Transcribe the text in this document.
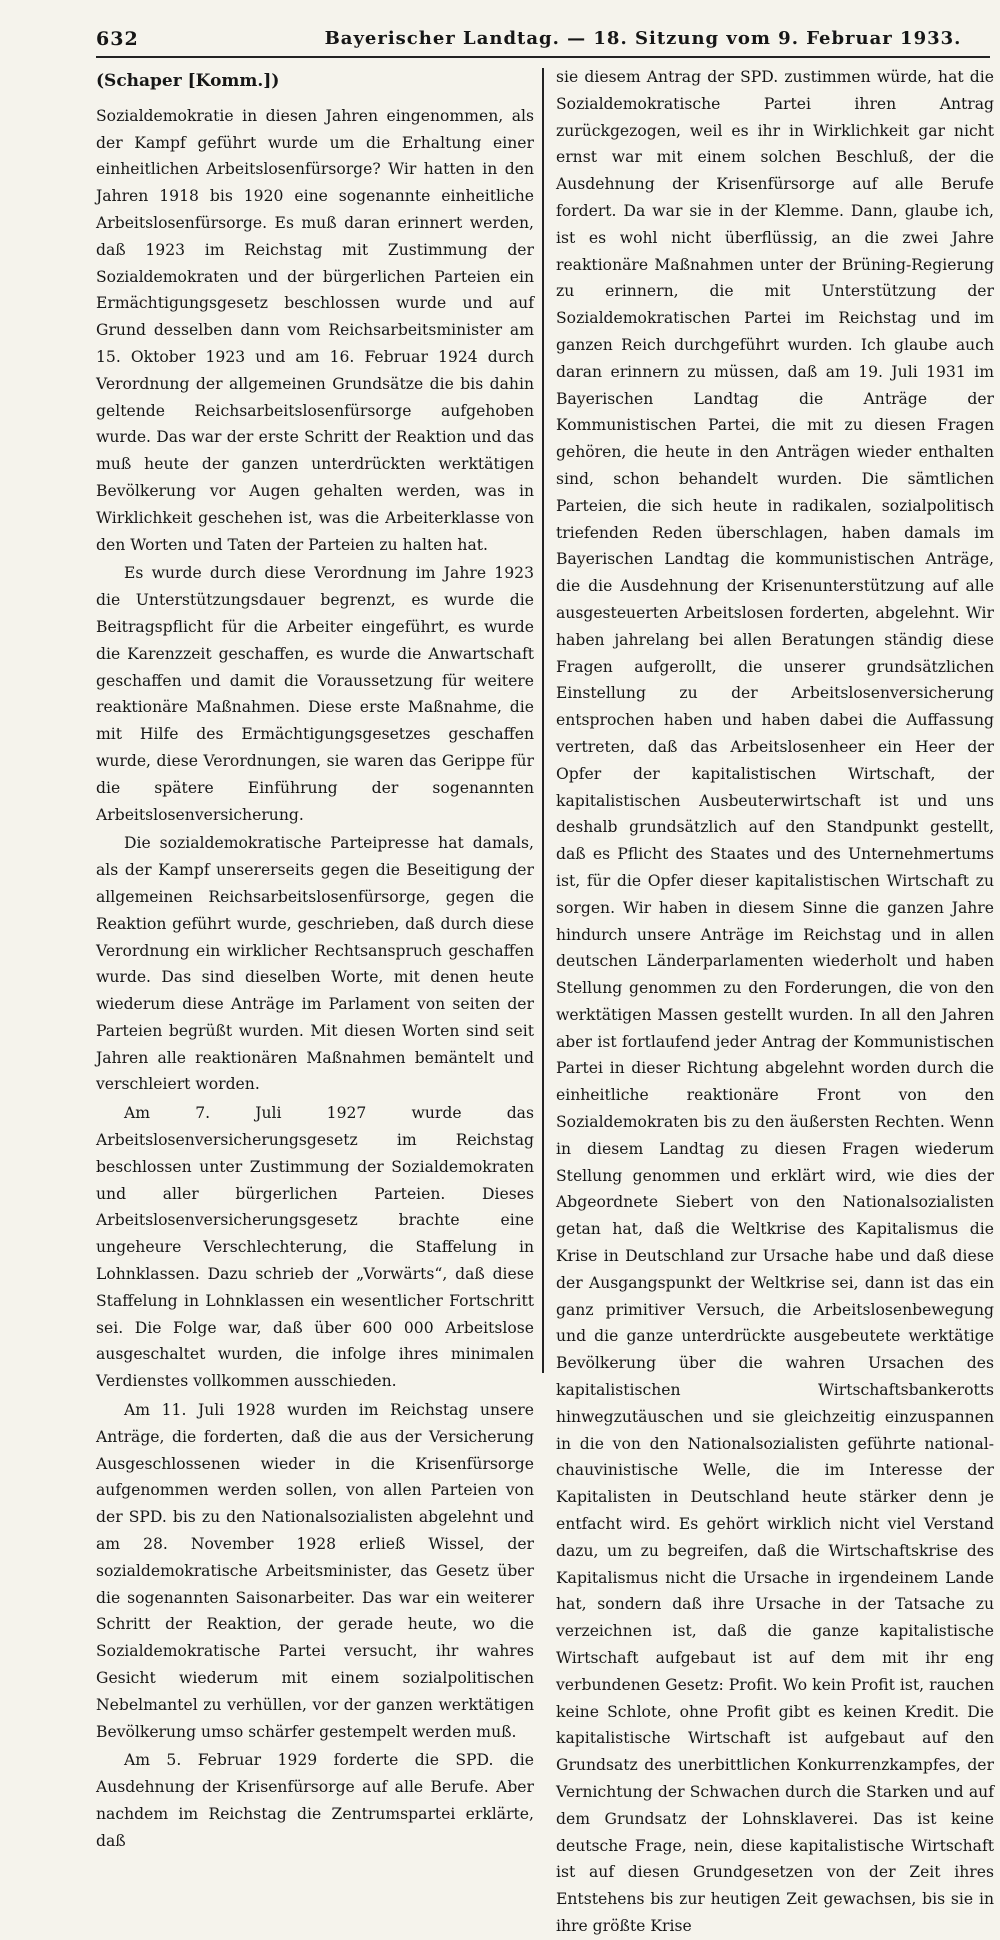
632	Bayerischer Landtag. — 18. Sitzung vom 9. Februar 1933.
(Schaper [Komm.])

Sozialdemokratie in diesen Jahren eingenommen, als der Kampf geführt wurde um die Erhaltung einer einheitlichen Arbeitslosenfürsorge? Wir hatten in den Jahren 1918 bis 1920 eine sogenannte einheitliche Arbeitslosenfürsorge. Es muß daran erinnert werden, daß 1923 im Reichstag mit Zustimmung der Sozialdemokraten und der bürgerlichen Parteien ein Ermächtigungsgesetz beschlossen wurde und auf Grund desselben dann vom Reichsarbeitsminister am 15. Oktober 1923 und am 16. Februar 1924 durch Verordnung der allgemeinen Grundsätze die bis dahin geltende Reichsarbeitslosenfürsorge aufgehoben wurde. Das war der erste Schritt der Reaktion und das muß heute der ganzen unterdrückten werktätigen Bevölkerung vor Augen gehalten werden, was in Wirklichkeit geschehen ist, was die Arbeiterklasse von den Worten und Taten der Parteien zu halten hat.

Es wurde durch diese Verordnung im Jahre 1923 die Unterstützungsdauer begrenzt, es wurde die Beitragspflicht für die Arbeiter eingeführt, es wurde die Karenzzeit geschaffen, es wurde die Anwartschaft geschaffen und damit die Voraussetzung für weitere reaktionäre Maßnahmen. Diese erste Maßnahme, die mit Hilfe des Ermächtigungsgesetzes geschaffen wurde, diese Verordnungen, sie waren das Gerippe für die spätere Einführung der sogenannten Arbeitslosenversicherung.

Die sozialdemokratische Parteipresse hat damals, als der Kampf unsererseits gegen die Beseitigung der allgemeinen Reichsarbeitslosenfürsorge, gegen die Reaktion geführt wurde, geschrieben, daß durch diese Verordnung ein wirklicher Rechtsanspruch geschaffen wurde. Das sind dieselben Worte, mit denen heute wiederum diese Anträge im Parlament von seiten der Parteien begrüßt wurden. Mit diesen Worten sind seit Jahren alle reaktionären Maßnahmen bemäntelt und verschleiert worden.

Am 7. Juli 1927 wurde das Arbeitslosenversicherungsgesetz im Reichstag beschlossen unter Zustimmung der Sozialdemokraten und aller bürgerlichen Parteien. Dieses Arbeitslosenversicherungsgesetz brachte eine ungeheure Verschlechterung, die Staffelung in Lohnklassen. Dazu schrieb der „Vorwärts“, daß diese Staffelung in Lohnklassen ein wesentlicher Fortschritt sei. Die Folge war, daß über 600 000 Arbeitslose ausgeschaltet wurden, die infolge ihres minimalen Verdienstes vollkommen ausschieden.

Am 11. Juli 1928 wurden im Reichstag unsere Anträge, die forderten, daß die aus der Versicherung Ausgeschlossenen wieder in die Krisenfürsorge aufgenommen werden sollen, von allen Parteien von der SPD. bis zu den Nationalsozialisten abgelehnt und am 28. November 1928 erließ Wissel, der sozialdemokratische Arbeitsminister, das Gesetz über die sogenannten Saisonarbeiter. Das war ein weiterer Schritt der Reaktion, der gerade heute, wo die Sozialdemokratische Partei versucht, ihr wahres Gesicht wiederum mit einem sozialpolitischen Nebelmantel zu verhüllen, vor der ganzen werktätigen Bevölkerung umso schärfer gestempelt werden muß.

Am 5. Februar 1929 forderte die SPD. die Ausdehnung der Krisenfürsorge auf alle Berufe. Aber nachdem im Reichstag die Zentrumspartei erklärte, daß

sie diesem Antrag der SPD. zustimmen würde, hat die Sozialdemokratische Partei ihren Antrag zurückgezogen, weil es ihr in Wirklichkeit gar nicht ernst war mit einem solchen Beschluß, der die Ausdehnung der Krisenfürsorge auf alle Berufe fordert. Da war sie in der Klemme. Dann, glaube ich, ist es wohl nicht überflüssig, an die zwei Jahre reaktionäre Maßnahmen unter der Brüning-Regierung zu erinnern, die mit Unterstützung der Sozialdemokratischen Partei im Reichstag und im ganzen Reich durchgeführt wurden. Ich glaube auch daran erinnern zu müssen, daß am 19. Juli 1931 im Bayerischen Landtag die Anträge der Kommunistischen Partei, die mit zu diesen Fragen gehören, die heute in den Anträgen wieder enthalten sind, schon behandelt wurden. Die sämtlichen Parteien, die sich heute in radikalen, sozialpolitisch triefenden Reden überschlagen, haben damals im Bayerischen Landtag die kommunistischen Anträge, die die Ausdehnung der Krisenunterstützung auf alle ausgesteuerten Arbeitslosen forderten, abgelehnt. Wir haben jahrelang bei allen Beratungen ständig diese Fragen aufgerollt, die unserer grundsätzlichen Einstellung zu der Arbeitslosenversicherung entsprochen haben und haben dabei die Auffassung vertreten, daß das Arbeitslosenheer ein Heer der Opfer der kapitalistischen Wirtschaft, der kapitalistischen Ausbeuterwirtschaft ist und uns deshalb grundsätzlich auf den Standpunkt gestellt, daß es Pflicht des Staates und des Unternehmertums ist, für die Opfer dieser kapitalistischen Wirtschaft zu sorgen. Wir haben in diesem Sinne die ganzen Jahre hindurch unsere Anträge im Reichstag und in allen deutschen Länderparlamenten wiederholt und haben Stellung genommen zu den Forderungen, die von den werktätigen Massen gestellt wurden. In all den Jahren aber ist fortlaufend jeder Antrag der Kommunistischen Partei in dieser Richtung abgelehnt worden durch die einheitliche reaktionäre Front von den Sozialdemokraten bis zu den äußersten Rechten. Wenn in diesem Landtag zu diesen Fragen wiederum Stellung genommen und erklärt wird, wie dies der Abgeordnete Siebert von den Nationalsozialisten getan hat, daß die Weltkrise des Kapitalismus die Krise in Deutschland zur Ursache habe und daß diese der Ausgangspunkt der Weltkrise sei, dann ist das ein ganz primitiver Versuch, die Arbeitslosenbewegung und die ganze unterdrückte ausgebeutete werktätige Bevölkerung über die wahren Ursachen des kapitalistischen Wirtschaftsbankerotts hinwegzutäuschen und sie gleichzeitig einzuspannen in die von den Nationalsozialisten geführte national-chauvinistische Welle, die im Interesse der Kapitalisten in Deutschland heute stärker denn je entfacht wird. Es gehört wirklich nicht viel Verstand dazu, um zu begreifen, daß die Wirtschaftskrise des Kapitalismus nicht die Ursache in irgendeinem Lande hat, sondern daß ihre Ursache in der Tatsache zu verzeichnen ist, daß die ganze kapitalistische Wirtschaft aufgebaut ist auf dem mit ihr eng verbundenen Gesetz: Profit. Wo kein Profit ist, rauchen keine Schlote, ohne Profit gibt es keinen Kredit. Die kapitalistische Wirtschaft ist aufgebaut auf den Grundsatz des unerbittlichen Konkurrenzkampfes, der Vernichtung der Schwachen durch die Starken und auf dem Grundsatz der Lohnsklaverei. Das ist keine deutsche Frage, nein, diese kapitalistische Wirtschaft ist auf diesen Grundgesetzen von der Zeit ihres Entstehens bis zur heutigen Zeit gewachsen, bis sie in ihre größte Krise
